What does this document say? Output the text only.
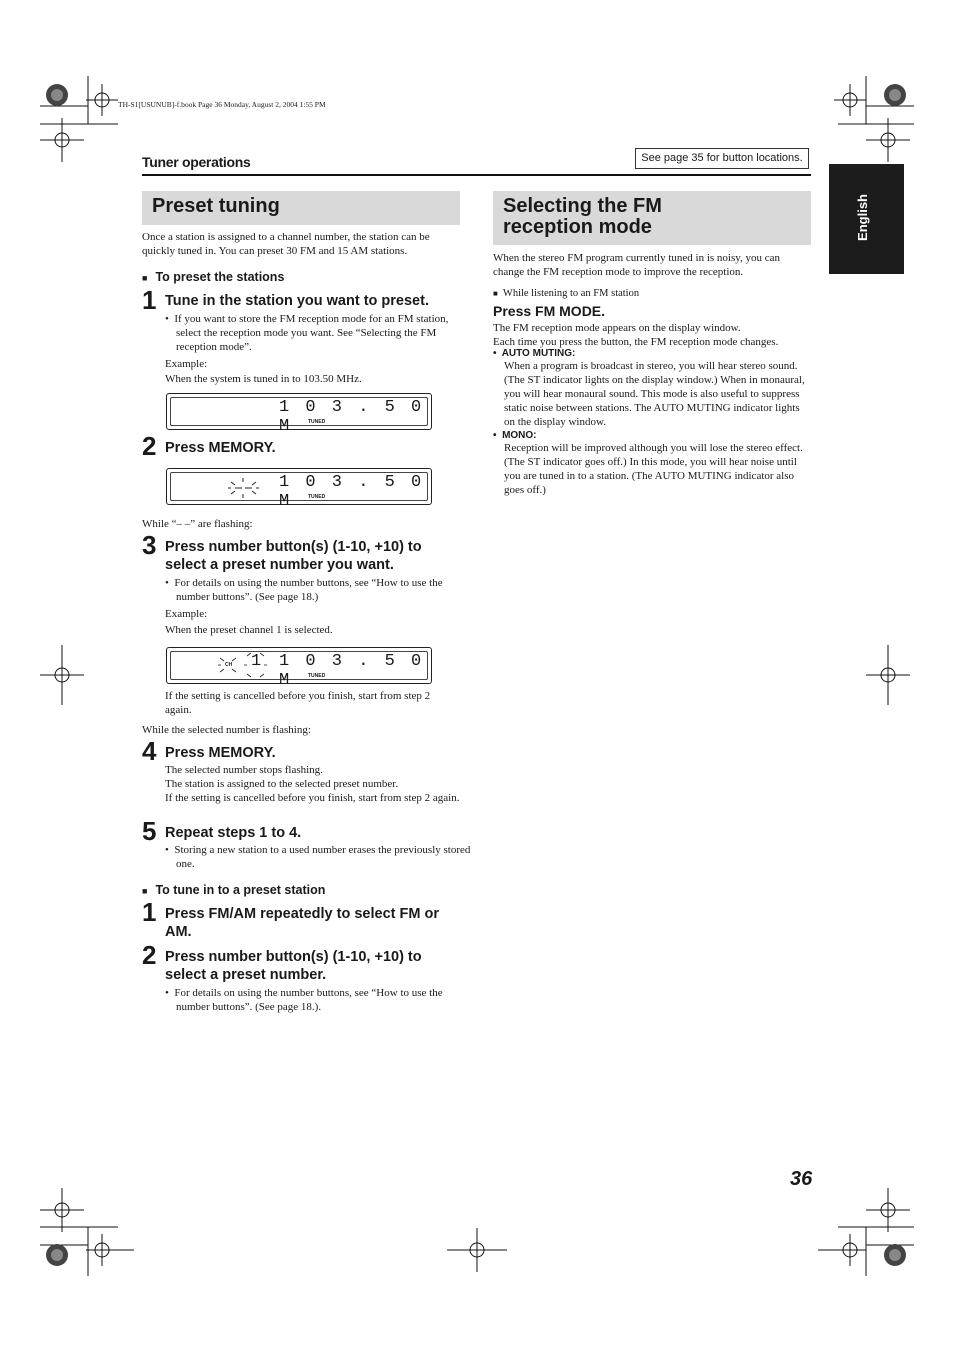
TH-S1[USUNUB]-f.book Page 36 Monday, August 2, 2004 1:55 PM
Tuner operations	See page 35 for button locations.
English
Preset tuning
Once a station is assigned to a channel number, the station can be quickly tuned in. You can preset 30 FM and 15 AM stations.
■ To preset the stations
1 Tune in the station you want to preset.
•  If you want to store the FM reception mode for an FM station, select the reception mode you want. See “Selecting the FM reception mode”.
Example:
When the system is tuned in to 103.50 MHz.
1 0 3 . 5 0 M	TUNED
2 Press MEMORY.
1 0 3 . 5 0 M	TUNED
While “– –” are flashing:
3 Press number button(s) (1-10, +10) to
select a preset number you want.
•  For details on using the number buttons, see “How to use the number buttons”. (See page 18.)
Example:
When the preset channel 1 is selected.
CH 1 1 0 3 . 5 0 M	TUNED
If the setting is cancelled before you finish, start from step 2 again.
While the selected number is flashing:
4 Press MEMORY.
The selected number stops flashing.
The station is assigned to the selected preset number.
If the setting is cancelled before you finish, start from step 2 again.
5 Repeat steps 1 to 4.
•  Storing a new station to a used number erases the previously stored one.
■ To tune in to a preset station
1 Press FM/AM repeatedly to select FM or
AM.
2 Press number button(s) (1-10, +10) to
select a preset number.
•  For details on using the number buttons, see “How to use the number buttons”. (See page 18.).
Selecting the FM
reception mode
When the stereo FM program currently tuned in is noisy, you can change the FM reception mode to improve the reception.
■ While listening to an FM station
Press FM MODE.
The FM reception mode appears on the display window.
Each time you press the button, the FM reception mode changes.
•  AUTO MUTING:
When a program is broadcast in stereo, you will hear stereo sound. (The ST indicator lights on the display window.) When in monaural, you will hear monaural sound. This mode is also useful to suppress static noise between stations. The AUTO MUTING indicator lights on the display window.
•  MONO:
Reception will be improved although you will lose the stereo effect. (The ST indicator goes off.) In this mode, you will hear noise until you are tuned in to a station. (The AUTO MUTING indicator also goes off.)
36
